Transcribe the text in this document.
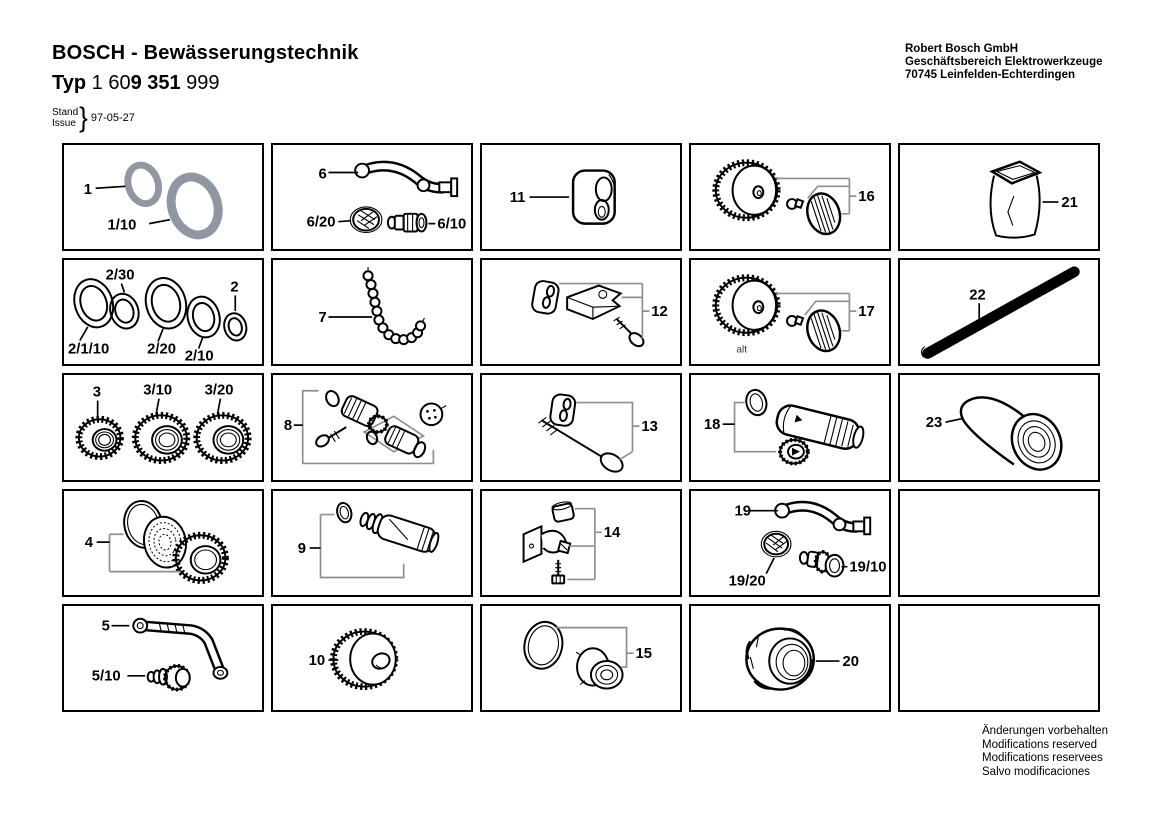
BOSCH - Bewässerungstechnik
Typ 1 609 351 999
Stand
Issue } 97-05-27
Robert Bosch GmbH
Geschäftsbereich Elektrowerkzeuge
70745 Leinfelden-Echterdingen
1
1/10
6
6/20	6/10
11	16	21
2/30
2
2/1/10	2/20 2/10
7	12	17
alt
22
3	3/10 3/20
8	13	18	23
4	9
14
19
19/20
19/10
5
5/10
10	15	20
Änderungen vorbehalten
Modifications reserved
Modifications reservees
Salvo modificaciones
